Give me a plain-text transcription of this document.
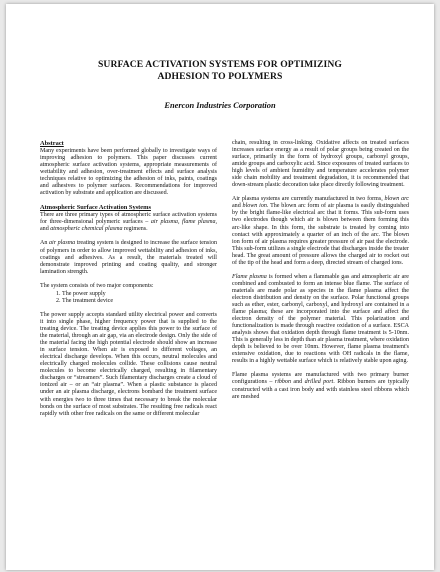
SURFACE ACTIVATION SYSTEMS FOR OPTIMIZING
ADHESION TO POLYMERS
Enercon Industries Corporation
Abstract

Many experiments have been performed globally to investigate ways of improving adhesion to polymers. This paper discusses current atmospheric surface activation systems, appropriate measurements of wettability and adhesion, over-treatment effects and surface analysis techniques relative to optimizing the adhesion of inks, paints, coatings and adhesives to polymer surfaces. Recommendations for improved activation by substrate and application are discussed.

Atmospheric Surface Activation Systems

There are three primary types of atmospheric surface activation systems for three-dimensional polymeric surfaces – air plasma, flame plasma, and atmospheric chemical plasma regimens.

An air plasma treating system is designed to increase the surface tension of polymers in order to allow improved wettability and adhesion of inks, coatings and adhesives. As a result, the materials treated will demonstrate improved printing and coating quality, and stronger lamination strength.

The system consists of two major components:

1. The power supply
2. The treatment device

The power supply accepts standard utility electrical power and converts it into single phase, higher frequency power that is supplied to the treating device. The treating device applies this power to the surface of the material, through an air gap, via an electrode design. Only the side of the material facing the high potential electrode should show an increase in surface tension. When air is exposed to different voltages, an electrical discharge develops. When this occurs, neutral molecules and electrically charged molecules collide. These collisions cause neutral molecules to become electrically charged, resulting in filamentary discharges or “streamers”. Such filamentary discharges create a cloud of ionized air – or an “air plasma”. When a plastic substance is placed under an air plasma discharge, electrons bombard the treatment surface with energies two to three times that necessary to break the molecular bonds on the surface of most substrates. The resulting free radicals react rapidly with other free radicals on the same or different molecular

chain, resulting in cross-linking. Oxidative affects on treated surfaces increases surface energy as a result of polar groups being created on the surface, primarily in the form of hydroxyl groups, carbonyl groups, amide groups and carboxylic acid. Since exposures of treated surfaces to high levels of ambient humidity and temperature accelerates polymer side chain mobility and treatment degradation, it is recommended that down-stream plastic decoration take place directly following treatment.

Air plasma systems are currently manufactured in two forms, blown arc and blown ion. The blown arc form of air plasma is easily distinguished by the bright flame-like electrical arc that it forms. This sub-form uses two electrodes though which air is blown between them forming this arc-like shape. In this form, the substrate is treated by coming into contact with approximately a quarter of an inch of the arc. The blown ion form of air plasma requires greater pressure of air past the electrode. This sub-form utilizes a single electrode that discharges inside the treater head. The great amount of pressure allows the charged air to rocket out of the tip of the head and form a deep, directed stream of charged ions.

Flame plasma is formed when a flammable gas and atmospheric air are combined and combusted to form an intense blue flame. The surface of materials are made polar as species in the flame plasma affect the electron distribution and density on the surface. Polar functional groups such as ether, ester, carbonyl, carboxyl, and hydroxyl are contained in a flame plasma; these are incorporated into the surface and affect the electron density of the polymer material. This polarization and functionalization is made through reactive oxidation of a surface. ESCA analysis shows that oxidation depth through flame treatment is 5-10nm. This is generally less in depth than air plasma treatment, where oxidation depth is believed to be over 10nm. However, flame plasma treatment's extensive oxidation, due to reactions with OH radicals in the flame, results in a highly wettable surface which is relatively stable upon aging.

Flame plasma systems are manufactured with two primary burner configurations – ribbon and drilled port. Ribbon burners are typically constructed with a cast iron body and with stainless steel ribbons which are meshed
